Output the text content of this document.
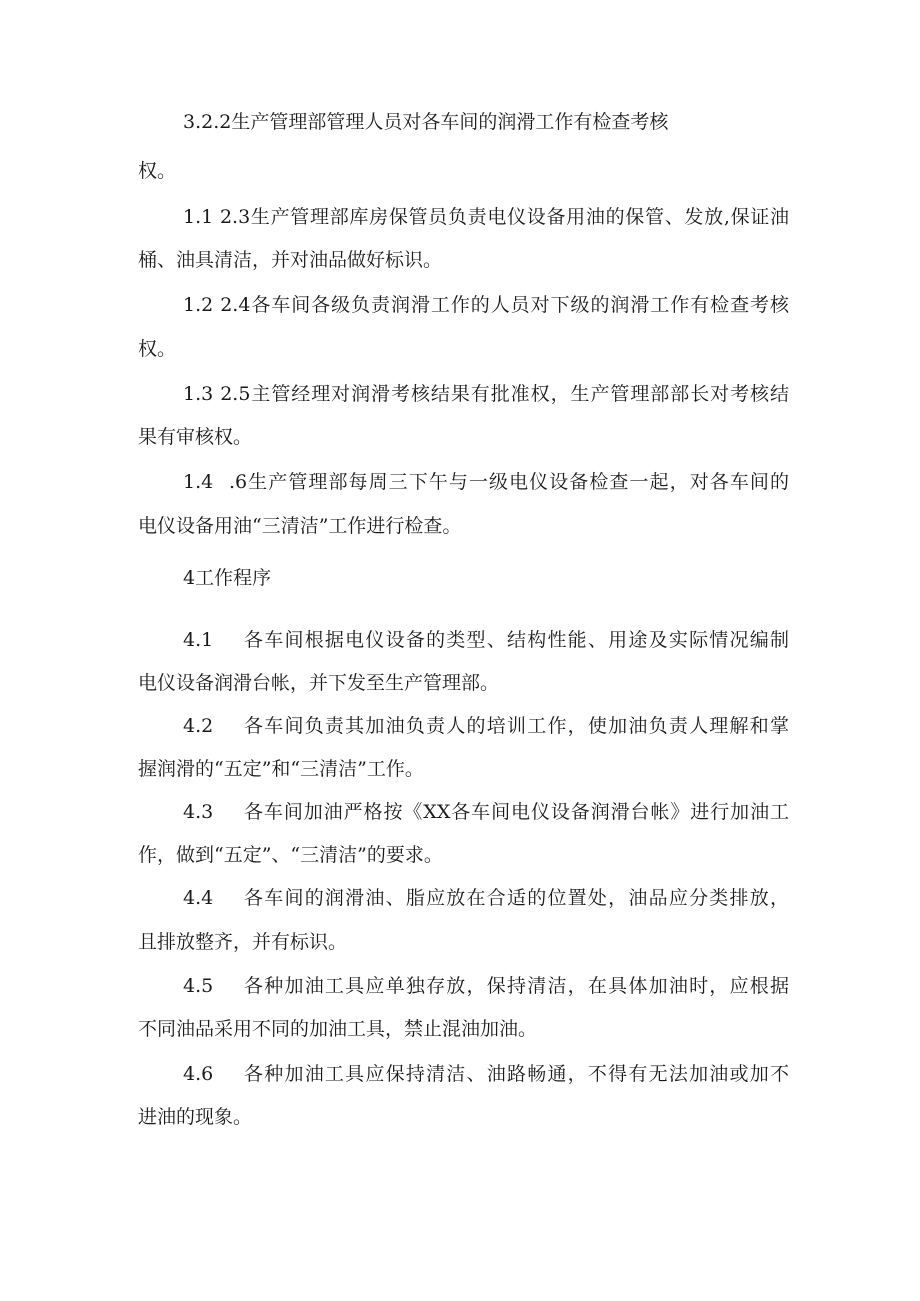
3.2.2生产管理部管理人员对各车间的润滑工作有检查考核
权。
1.1 2.3生产管理部库房保管员负责电仪设备用油的保管、发放,保证油
桶、油具清洁，并对油品做好标识。
1.2 2.4各车间各级负责润滑工作的人员对下级的润滑工作有检查考核
权。
1.3 2.5主管经理对润滑考核结果有批准权，生产管理部部长对考核结
果有审核权。
1.4 .6生产管理部每周三下午与一级电仪设备检查一起，对各车间的
电仪设备用油“三清洁”工作进行检查。
4工作程序
4.1 各车间根据电仪设备的类型、结构性能、用途及实际情况编制
电仪设备润滑台帐，并下发至生产管理部。
4.2 各车间负责其加油负责人的培训工作，使加油负责人理解和掌
握润滑的“五定”和“三清洁”工作。
4.3 各车间加油严格按《XX各车间电仪设备润滑台帐》进行加油工
作，做到“五定”、“三清洁”的要求。
4.4 各车间的润滑油、脂应放在合适的位置处，油品应分类排放，
且排放整齐，并有标识。
4.5 各种加油工具应单独存放，保持清洁，在具体加油时，应根据
不同油品采用不同的加油工具，禁止混油加油。
4.6 各种加油工具应保持清洁、油路畅通，不得有无法加油或加不
进油的现象。
